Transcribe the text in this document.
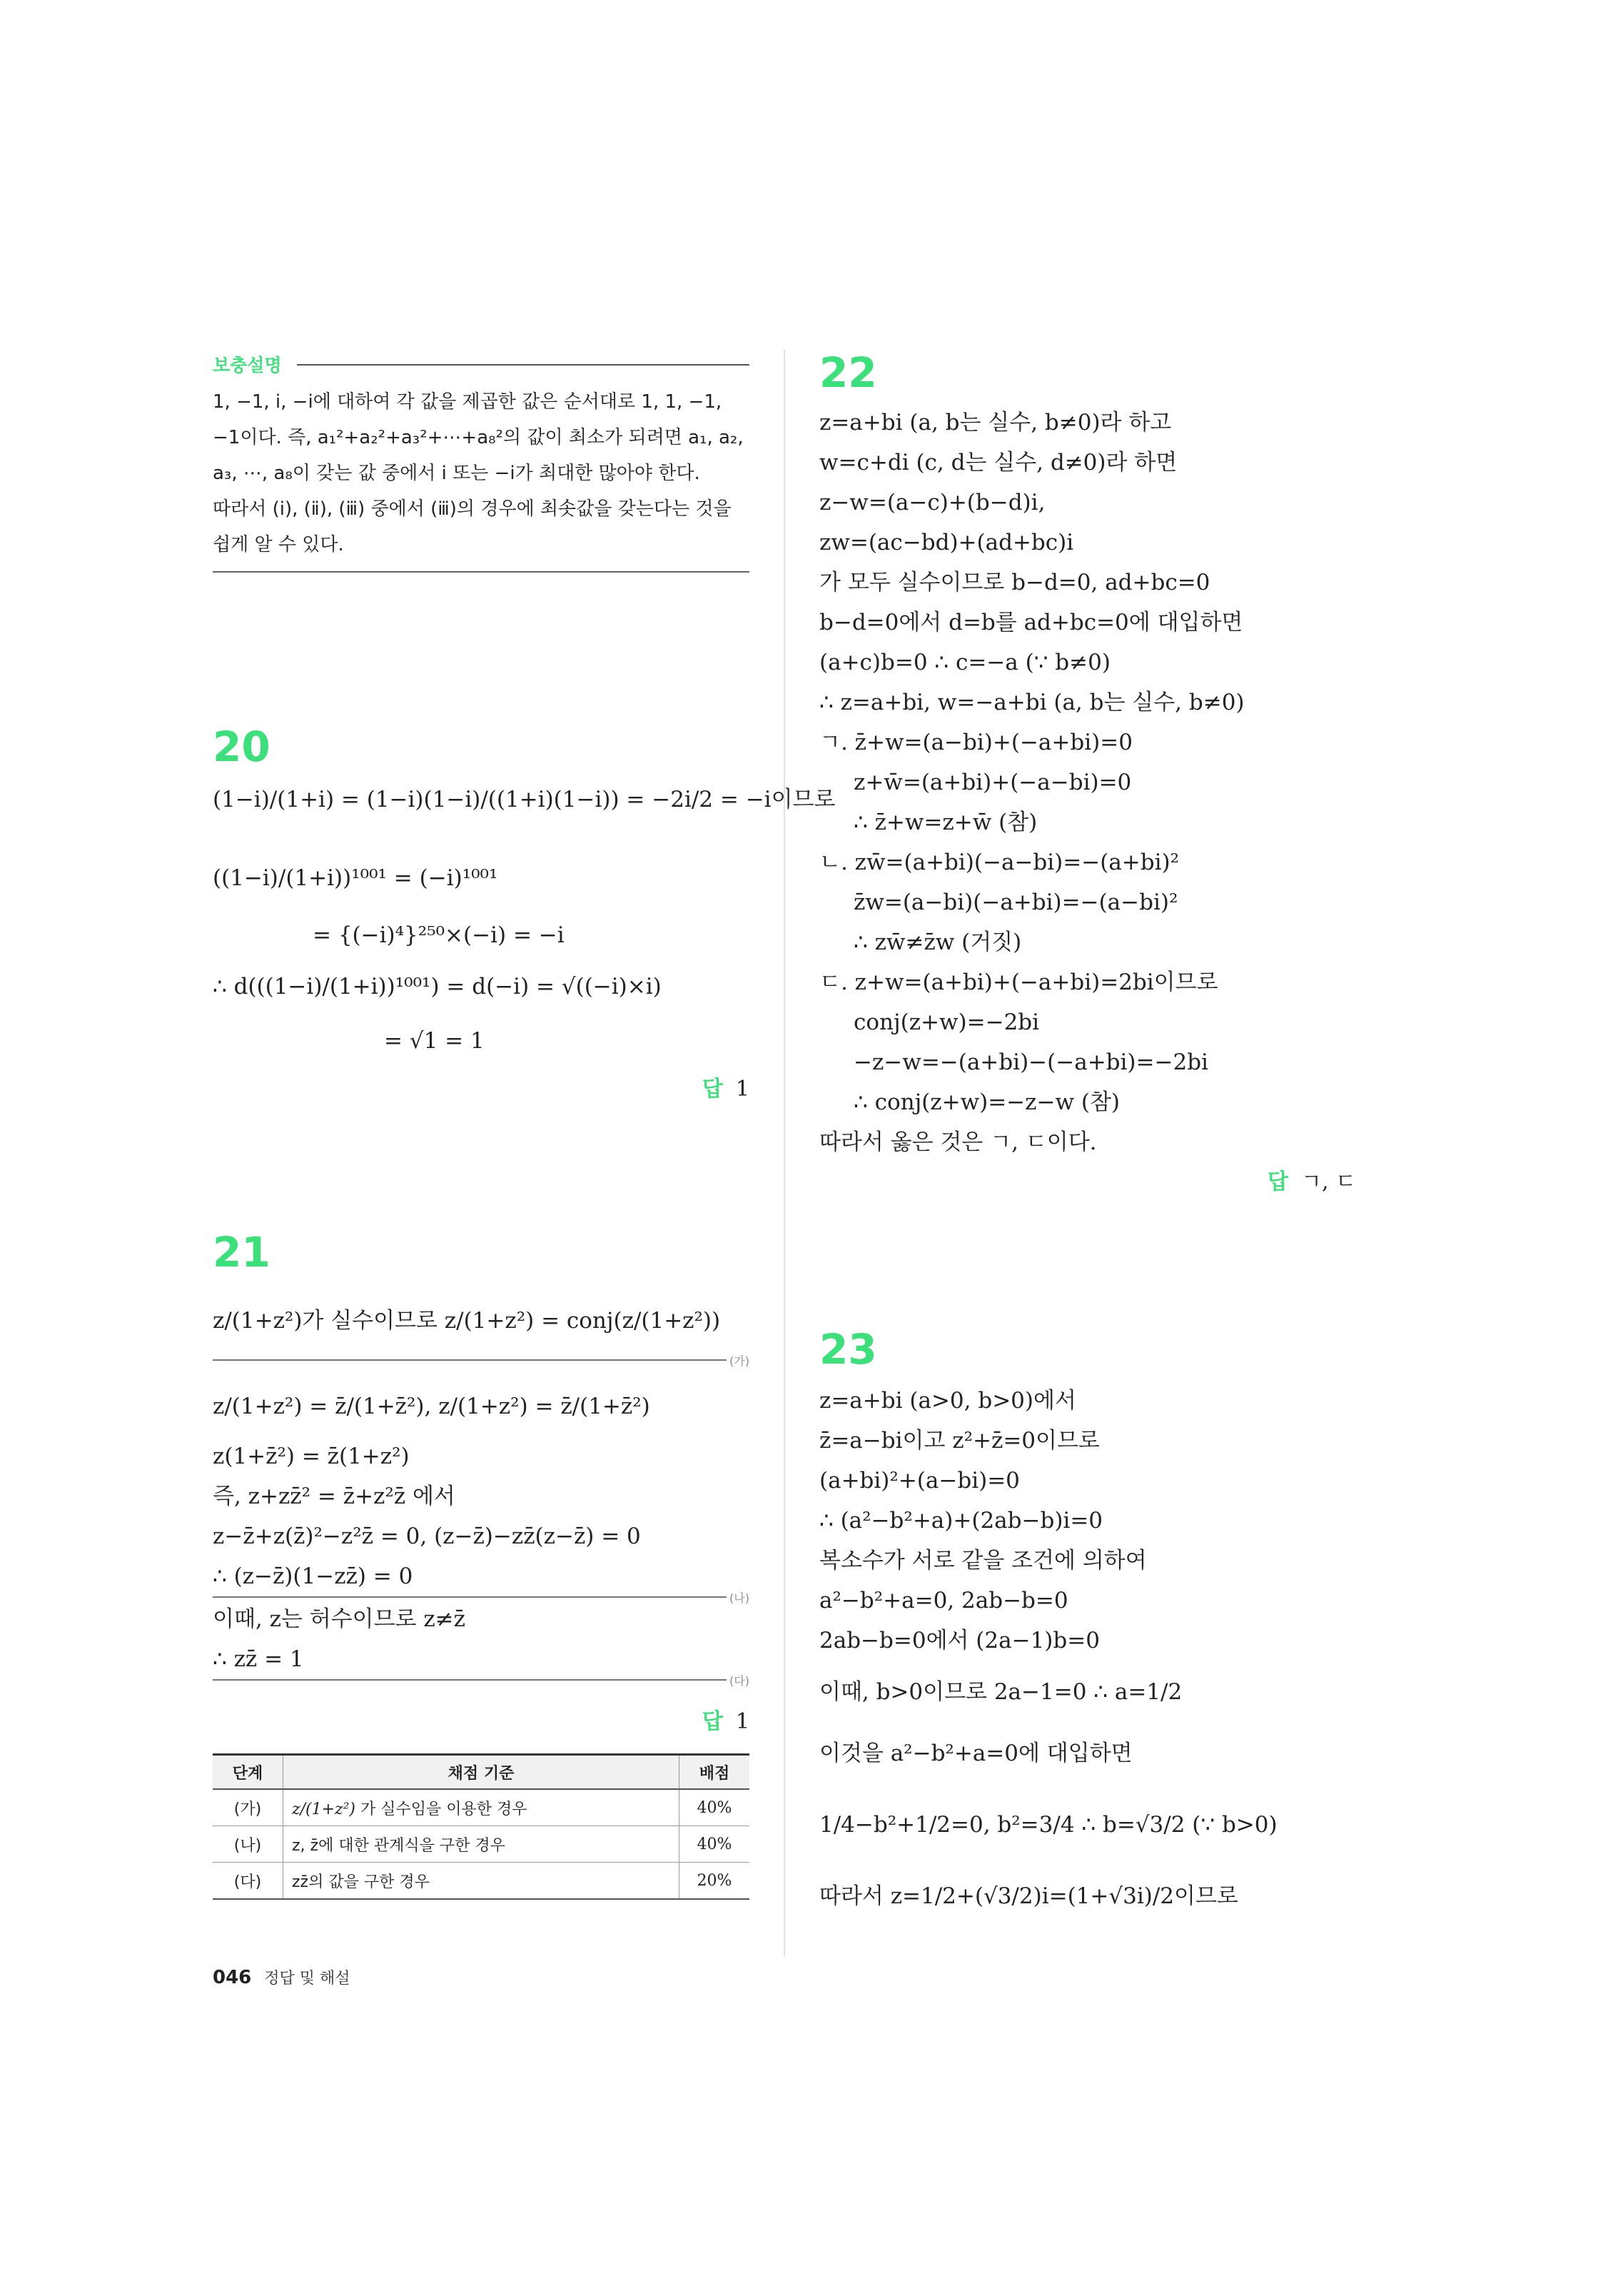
보충설명
1, −1, i, −i에 대하여 각 값을 제곱한 값은 순서대로 1, 1, −1,
−1이다. 즉, a₁²+a₂²+a₃²+⋯+a₈²의 값이 최소가 되려면 a₁, a₂,
a₃, ⋯, a₈이 갖는 값 중에서 i 또는 −i가 최대한 많아야 한다.
따라서 (ⅰ), (ⅱ), (ⅲ) 중에서 (ⅲ)의 경우에 최솟값을 갖는다는 것을
쉽게 알 수 있다.
20
(1−i)/(1+i) = (1−i)(1−i)/((1+i)(1−i)) = −2i/2 = −i이므로
((1−i)/(1+i))¹⁰⁰¹ = (−i)¹⁰⁰¹
= {(−i)⁴}²⁵⁰×(−i) = −i
∴ d(((1−i)/(1+i))¹⁰⁰¹) = d(−i) = √((−i)×i)
= √1 = 1
답 1
21
z/(1+z²)가 실수이므로 z/(1+z²) = conj(z/(1+z²))
(가)
z/(1+z²) = z̄/(1+z̄²), z/(1+z²) = z̄/(1+z̄²)
z(1+z̄²) = z̄(1+z²)
즉, z+zz̄² = z̄+z²z̄ 에서
z−z̄+z(z̄)²−z²z̄ = 0, (z−z̄)−zz̄(z−z̄) = 0
∴ (z−z̄)(1−zz̄) = 0
(나)
이때, z는 허수이므로 z≠z̄
∴ zz̄ = 1
(다)
답 1
단계	채점 기준	배점
(가)	z/(1+z²) 가 실수임을 이용한 경우	40%
(나)	z, z̄에 대한 관계식을 구한 경우	40%
(다)	zz̄의 값을 구한 경우	20%
22
z=a+bi (a, b는 실수, b≠0)라 하고
w=c+di (c, d는 실수, d≠0)라 하면
z−w=(a−c)+(b−d)i,
zw=(ac−bd)+(ad+bc)i
가 모두 실수이므로 b−d=0, ad+bc=0
b−d=0에서 d=b를 ad+bc=0에 대입하면
(a+c)b=0 ∴ c=−a (∵ b≠0)
∴ z=a+bi, w=−a+bi (a, b는 실수, b≠0)
ㄱ. z̄+w=(a−bi)+(−a+bi)=0
z+w̄=(a+bi)+(−a−bi)=0
∴ z̄+w=z+w̄ (참)
ㄴ. zw̄=(a+bi)(−a−bi)=−(a+bi)²
z̄w=(a−bi)(−a+bi)=−(a−bi)²
∴ zw̄≠z̄w (거짓)
ㄷ. z+w=(a+bi)+(−a+bi)=2bi이므로
conj(z+w)=−2bi
−z−w=−(a+bi)−(−a+bi)=−2bi
∴ conj(z+w)=−z−w (참)
따라서 옳은 것은 ㄱ, ㄷ이다.
답 ㄱ, ㄷ
23
z=a+bi (a>0, b>0)에서
z̄=a−bi이고 z²+z̄=0이므로
(a+bi)²+(a−bi)=0
∴ (a²−b²+a)+(2ab−b)i=0
복소수가 서로 같을 조건에 의하여
a²−b²+a=0, 2ab−b=0
2ab−b=0에서 (2a−1)b=0
이때, b>0이므로 2a−1=0 ∴ a=1/2
이것을 a²−b²+a=0에 대입하면
1/4−b²+1/2=0, b²=3/4 ∴ b=√3/2 (∵ b>0)
따라서 z=1/2+(√3/2)i=(1+√3i)/2이므로
046 정답 및 해설
